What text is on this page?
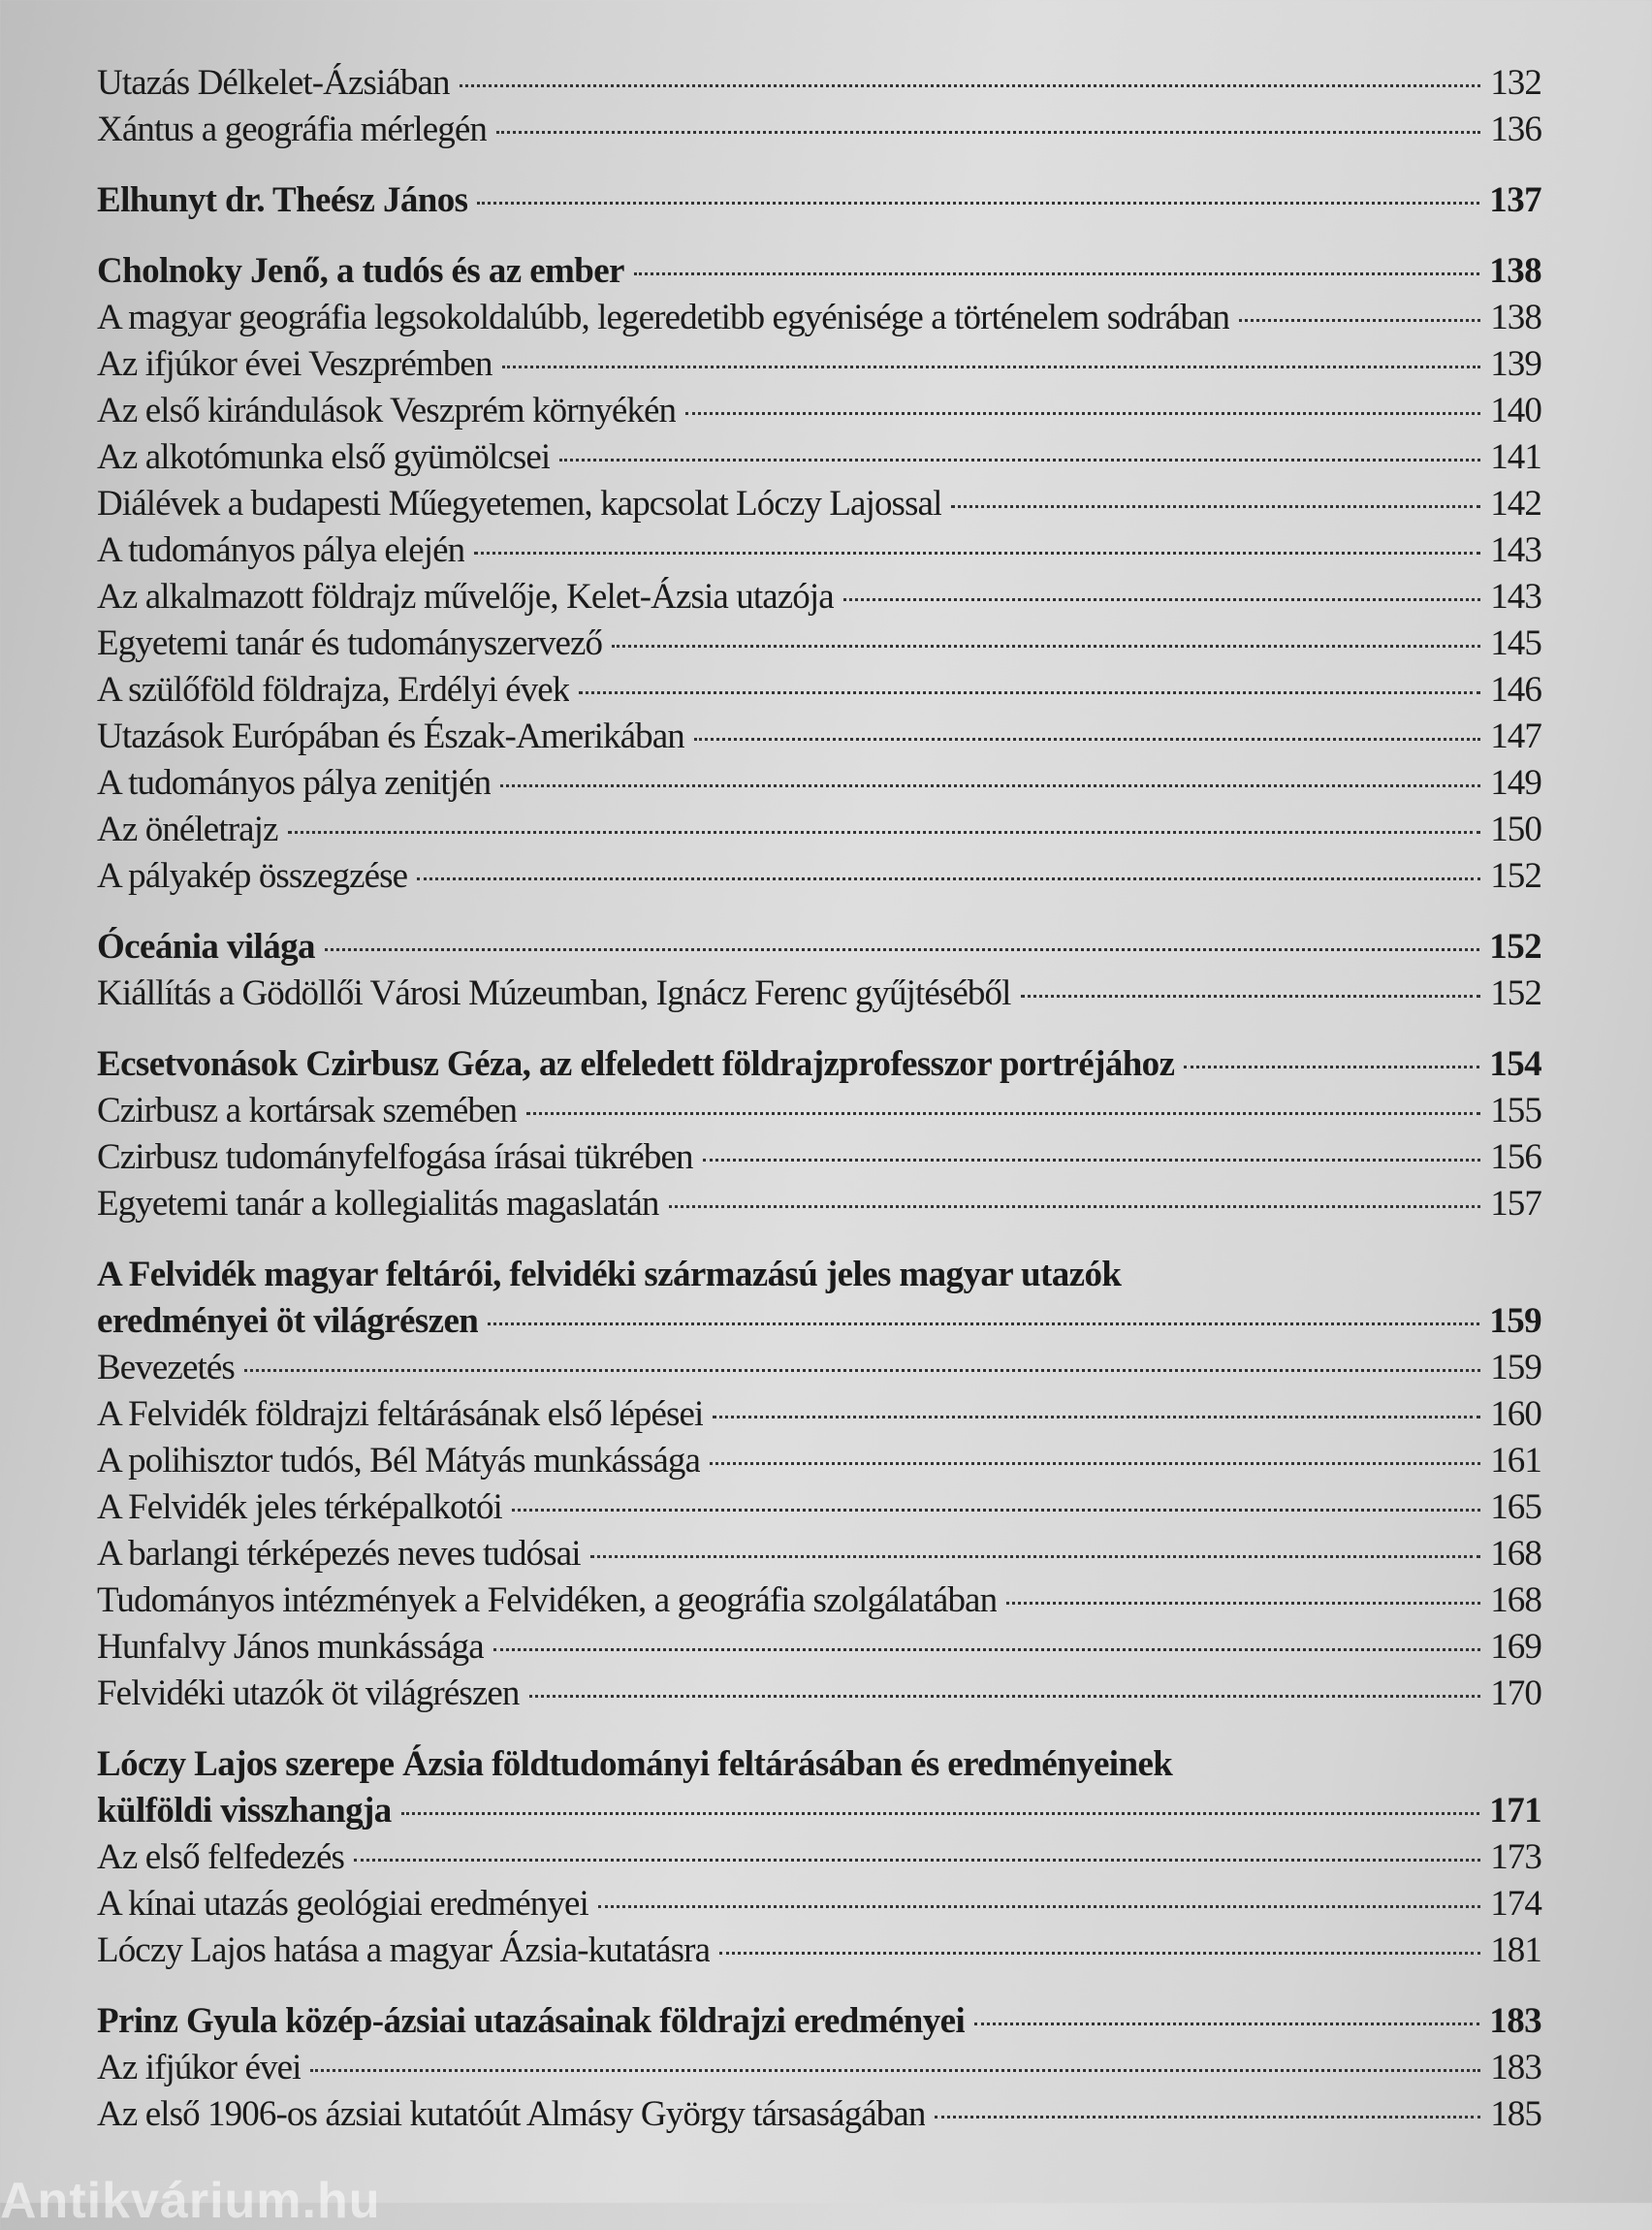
Utazás Délkelet-Ázsiában	132
Xántus a geográfia mérlegén	136
Elhunyt dr. Theész János	137
Cholnoky Jenő, a tudós és az ember	138
A magyar geográfia legsokoldalúbb, legeredetibb egyénisége a történelem sodrában	138
Az ifjúkor évei Veszprémben	139
Az első kirándulások Veszprém környékén	140
Az alkotómunka első gyümölcsei	141
Diálévek a budapesti Műegyetemen, kapcsolat Lóczy Lajossal	142
A tudományos pálya elején	143
Az alkalmazott földrajz művelője, Kelet-Ázsia utazója	143
Egyetemi tanár és tudományszervező	145
A szülőföld földrajza, Erdélyi évek	146
Utazások Európában és Észak-Amerikában	147
A tudományos pálya zenitjén	149
Az önéletrajz	150
A pályakép összegzése	152
Óceánia világa	152
Kiállítás a Gödöllői Városi Múzeumban, Ignácz Ferenc gyűjtéséből	152
Ecsetvonások Czirbusz Géza, az elfeledett földrajzprofesszor portréjához	154
Czirbusz a kortársak szemében	155
Czirbusz tudományfelfogása írásai tükrében	156
Egyetemi tanár a kollegialitás magaslatán	157
A Felvidék magyar feltárói, felvidéki származású jeles magyar utazók
eredményei öt világrészen	159
Bevezetés	159
A Felvidék földrajzi feltárásának első lépései	160
A polihisztor tudós, Bél Mátyás munkássága	161
A Felvidék jeles térképalkotói	165
A barlangi térképezés neves tudósai	168
Tudományos intézmények a Felvidéken, a geográfia szolgálatában	168
Hunfalvy János munkássága	169
Felvidéki utazók öt világrészen	170
Lóczy Lajos szerepe Ázsia földtudományi feltárásában és eredményeinek
külföldi visszhangja	171
Az első felfedezés	173
A kínai utazás geológiai eredményei	174
Lóczy Lajos hatása a magyar Ázsia-kutatásra	181
Prinz Gyula közép-ázsiai utazásainak földrajzi eredményei	183
Az ifjúkor évei	183
Az első 1906-os ázsiai kutatóút Almásy György társaságában	185
Antikvárium.hu
